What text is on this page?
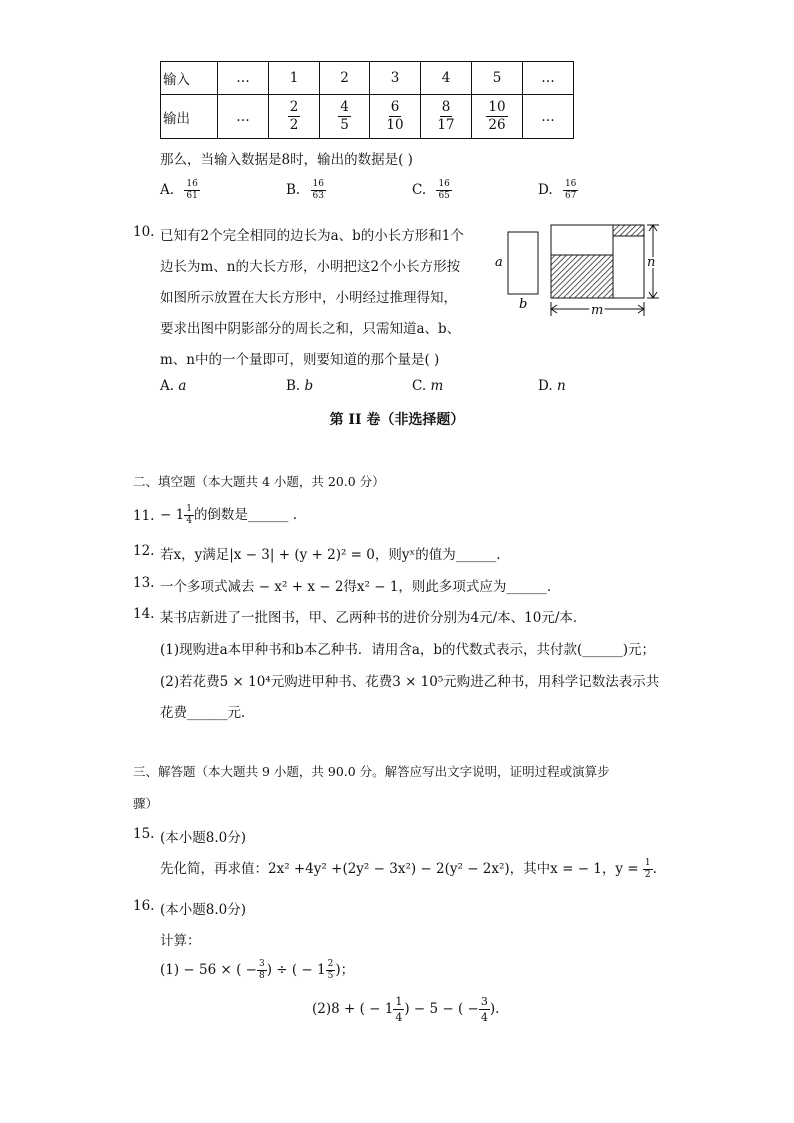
输入	…	1	2	3	4	5	…
输出	…	$\frac{2}{2}$	$\frac{4}{5}$	$\frac{6}{10}$	$\frac{8}{17}$	$\frac{10}{26}$	…
那么，当输入数据是8时，输出的数据是( )
A. $\frac{16}{61}$	B. $\frac{16}{63}$	C. $\frac{16}{65}$	D. $\frac{16}{67}$
10. 已知有2个完全相同的边长为a、b的小长方形和1个
边长为m、n的大长方形，小明把这2个小长方形按
如图所示放置在大长方形中，小明经过推理得知，
要求出图中阴影部分的周长之和，只需知道a、b、
m、n中的一个量即可，则要知道的那个量是( )
a
b
n
m
A. a	B. b	C. m	D. n
第 II 卷（非选择题）
二、填空题（本大题共 4 小题，共 20.0 分）
11. − $1 \frac{1}{4}$ 的倒数是______ .
12. 若x，y满足|x − 3| + (y + 2)² = 0，则yˣ的值为______.
13. 一个多项式减去 − x² + x − 2得x² − 1，则此多项式应为______.
14. 某书店新进了一批图书，甲、乙两种书的进价分别为4元/本、10元/本．
(1)现购进a本甲种书和b本乙种书．请用含a，b的代数式表示，共付款(______)元；
(2)若花费5 × 10⁴元购进甲种书、花费3 × 10⁵元购进乙种书，用科学记数法表示共
花费______元．
三、解答题（本大题共 9 小题，共 90.0 分。解答应写出文字说明，证明过程或演算步
骤）
15. (本小题8.0分)
先化简，再求值：2x² +4y² +(2y² − 3x²) − 2(y² − 2x²)，其中x = − 1，$y = \frac{1}{2}$ .
16. (本小题8.0分)
计算：
(1) − 56 × ( − $\frac{3}{8}$ ) ÷ ( − $1 \frac{2}{5}$ )；
(2)8 + ( − $1 \frac{1}{4}$ ) − 5 − ( − $\frac{3}{4}$ ).
